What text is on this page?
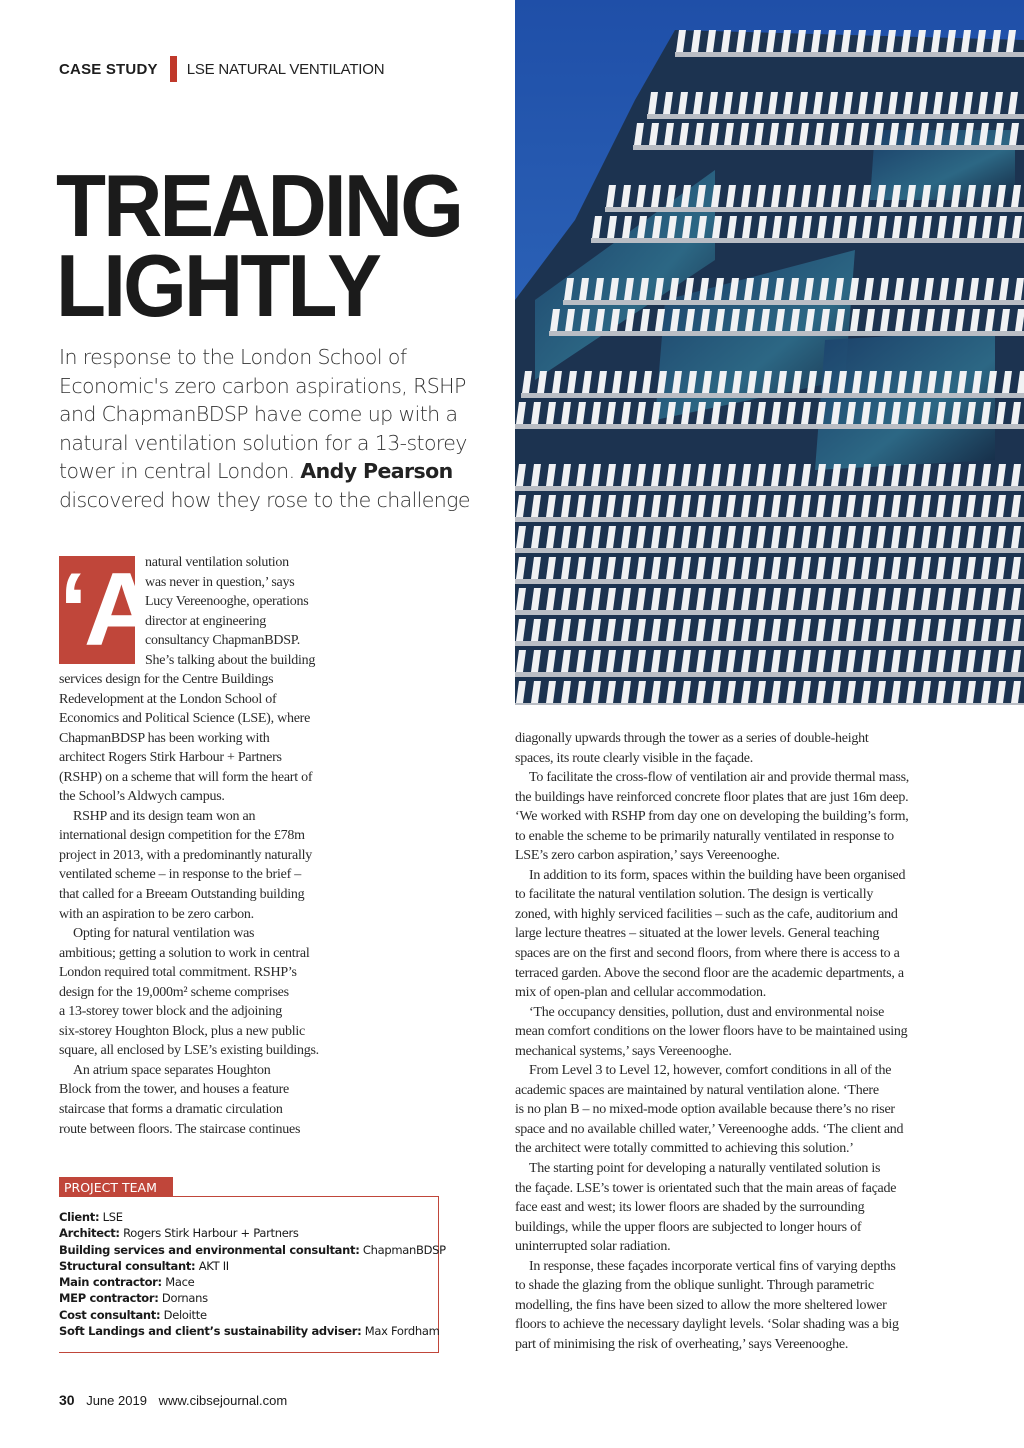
CASE STUDY LSE NATURAL VENTILATION
TREADING
LIGHTLY
In response to the London School of Economic's zero carbon aspirations, RSHP and ChapmanBDSP have come up with a natural ventilation solution for a 13-storey tower in central London. Andy Pearson discovered how they rose to the challenge
‘A
natural ventilation solution
was never in question,’ says
Lucy Vereenooghe, operations
director at engineering
consultancy ChapmanBDSP.
She’s talking about the building
services design for the Centre Buildings
Redevelopment at the London School of
Economics and Political Science (LSE), where
ChapmanBDSP has been working with
architect Rogers Stirk Harbour + Partners
(RSHP) on a scheme that will form the heart of
the School’s Aldwych campus.
RSHP and its design team won an
international design competition for the £78m
project in 2013, with a predominantly naturally
ventilated scheme – in response to the brief –
that called for a Breeam Outstanding building
with an aspiration to be zero carbon.
Opting for natural ventilation was
ambitious; getting a solution to work in central
London required total commitment. RSHP’s
design for the 19,000m² scheme comprises
a 13-storey tower block and the adjoining
six-storey Houghton Block, plus a new public
square, all enclosed by LSE’s existing buildings.
An atrium space separates Houghton
Block from the tower, and houses a feature
staircase that forms a dramatic circulation
route between floors. The staircase continues
diagonally upwards through the tower as a series of double-height
spaces, its route clearly visible in the façade.
To facilitate the cross-flow of ventilation air and provide thermal mass,
the buildings have reinforced concrete floor plates that are just 16m deep.
‘We worked with RSHP from day one on developing the building’s form,
to enable the scheme to be primarily naturally ventilated in response to
LSE’s zero carbon aspiration,’ says Vereenooghe.
In addition to its form, spaces within the building have been organised
to facilitate the natural ventilation solution. The design is vertically
zoned, with highly serviced facilities – such as the cafe, auditorium and
large lecture theatres – situated at the lower levels. General teaching
spaces are on the first and second floors, from where there is access to a
terraced garden. Above the second floor are the academic departments, a
mix of open-plan and cellular accommodation.
‘The occupancy densities, pollution, dust and environmental noise
mean comfort conditions on the lower floors have to be maintained using
mechanical systems,’ says Vereenooghe.
From Level 3 to Level 12, however, comfort conditions in all of the
academic spaces are maintained by natural ventilation alone. ‘There
is no plan B – no mixed-mode option available because there’s no riser
space and no available chilled water,’ Vereenooghe adds. ‘The client and
the architect were totally committed to achieving this solution.’
The starting point for developing a naturally ventilated solution is
the façade. LSE’s tower is orientated such that the main areas of façade
face east and west; its lower floors are shaded by the surrounding
buildings, while the upper floors are subjected to longer hours of
uninterrupted solar radiation.
In response, these façades incorporate vertical fins of varying depths
to shade the glazing from the oblique sunlight. Through parametric
modelling, the fins have been sized to allow the more sheltered lower
floors to achieve the necessary daylight levels. ‘Solar shading was a big
part of minimising the risk of overheating,’ says Vereenooghe.
PROJECT TEAM
Client: LSE
Architect: Rogers Stirk Harbour + Partners
Building services and environmental consultant: ChapmanBDSP
Structural consultant: AKT II
Main contractor: Mace
MEP contractor: Dornans
Cost consultant: Deloitte
Soft Landings and client’s sustainability adviser: Max Fordham
30 June 2019 www.cibsejournal.com
